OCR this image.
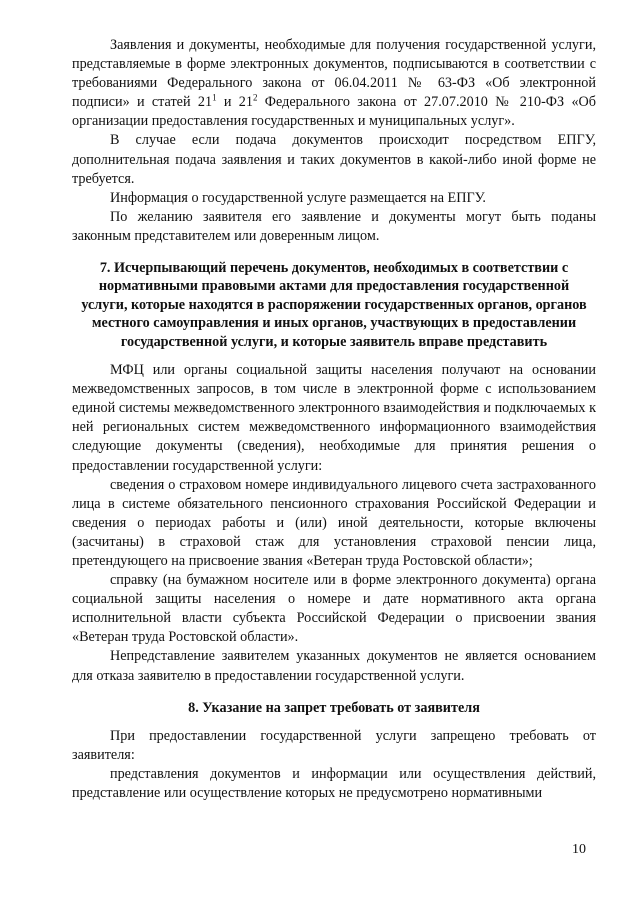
Заявления и документы, необходимые для получения государственной услуги, представляемые в форме электронных документов, подписываются в соответствии с требованиями Федерального закона от 06.04.2011 № 63-ФЗ «Об электронной подписи» и статей $21^1$ и $21^2$ Федерального закона от 27.07.2010 № 210-ФЗ «Об организации предоставления государственных и муниципальных услуг».

В случае если подача документов происходит посредством ЕПГУ, дополнительная подача заявления и таких документов в какой-либо иной форме не требуется.

Информация о государственной услуге размещается на ЕПГУ.

По желанию заявителя его заявление и документы могут быть поданы законным представителем или доверенным лицом.

7. Исчерпывающий перечень документов, необходимых в соответствии с нормативными правовыми актами для предоставления государственной услуги, которые находятся в распоряжении государственных органов, органов местного самоуправления и иных органов, участвующих в предоставлении государственной услуги, и которые заявитель вправе представить

МФЦ или органы социальной защиты населения получают на основании межведомственных запросов, в том числе в электронной форме с использованием единой системы межведомственного электронного взаимодействия и подключаемых к ней региональных систем межведомственного информационного взаимодействия следующие документы (сведения), необходимые для принятия решения о предоставлении государственной услуги:

сведения о страховом номере индивидуального лицевого счета застрахованного лица в системе обязательного пенсионного страхования Российской Федерации и сведения о периодах работы и (или) иной деятельности, которые включены (засчитаны) в страховой стаж для установления страховой пенсии лица, претендующего на присвоение звания «Ветеран труда Ростовской области»;

справку (на бумажном носителе или в форме электронного документа) органа социальной защиты населения о номере и дате нормативного акта органа исполнительной власти субъекта Российской Федерации о присвоении звания «Ветеран труда Ростовской области».

Непредставление заявителем указанных документов не является основанием для отказа заявителю в предоставлении государственной услуги.

8. Указание на запрет требовать от заявителя

При предоставлении государственной услуги запрещено требовать от заявителя:

представления документов и информации или осуществления действий, представление или осуществление которых не предусмотрено нормативными

10
